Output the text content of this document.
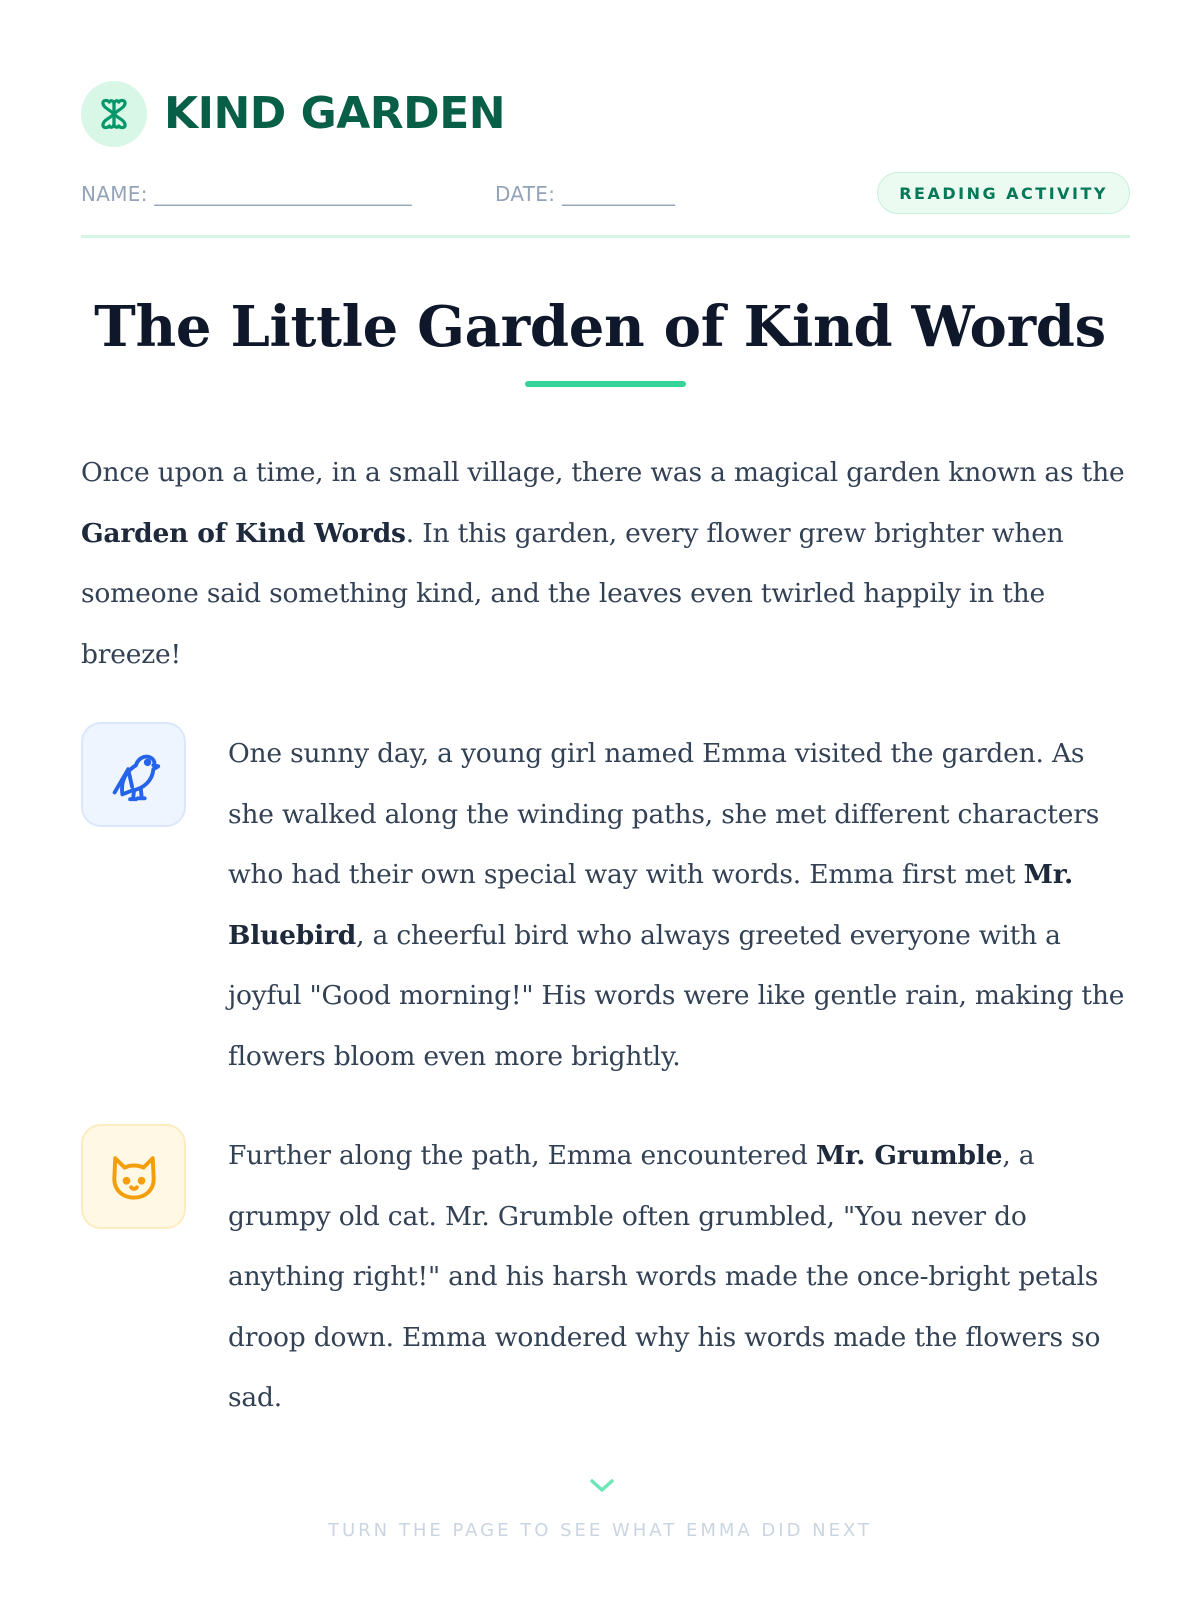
KIND GARDEN
NAME: _________________________	DATE: ___________	READING ACTIVITY
The Little Garden of Kind Words

Once upon a time, in a small village, there was a magical garden known as the Garden of Kind Words. In this garden, every flower grew brighter when someone said something kind, and the leaves even twirled happily in the breeze!

One sunny day, a young girl named Emma visited the garden. As she walked along the winding paths, she met different characters who had their own special way with words. Emma first met Mr. Bluebird, a cheerful bird who always greeted everyone with a joyful "Good morning!" His words were like gentle rain, making the flowers bloom even more brightly.

Further along the path, Emma encountered Mr. Grumble, a grumpy old cat. Mr. Grumble often grumbled, "You never do anything right!" and his harsh words made the once-bright petals droop down. Emma wondered why his words made the flowers so sad.

TURN THE PAGE TO SEE WHAT EMMA DID NEXT
